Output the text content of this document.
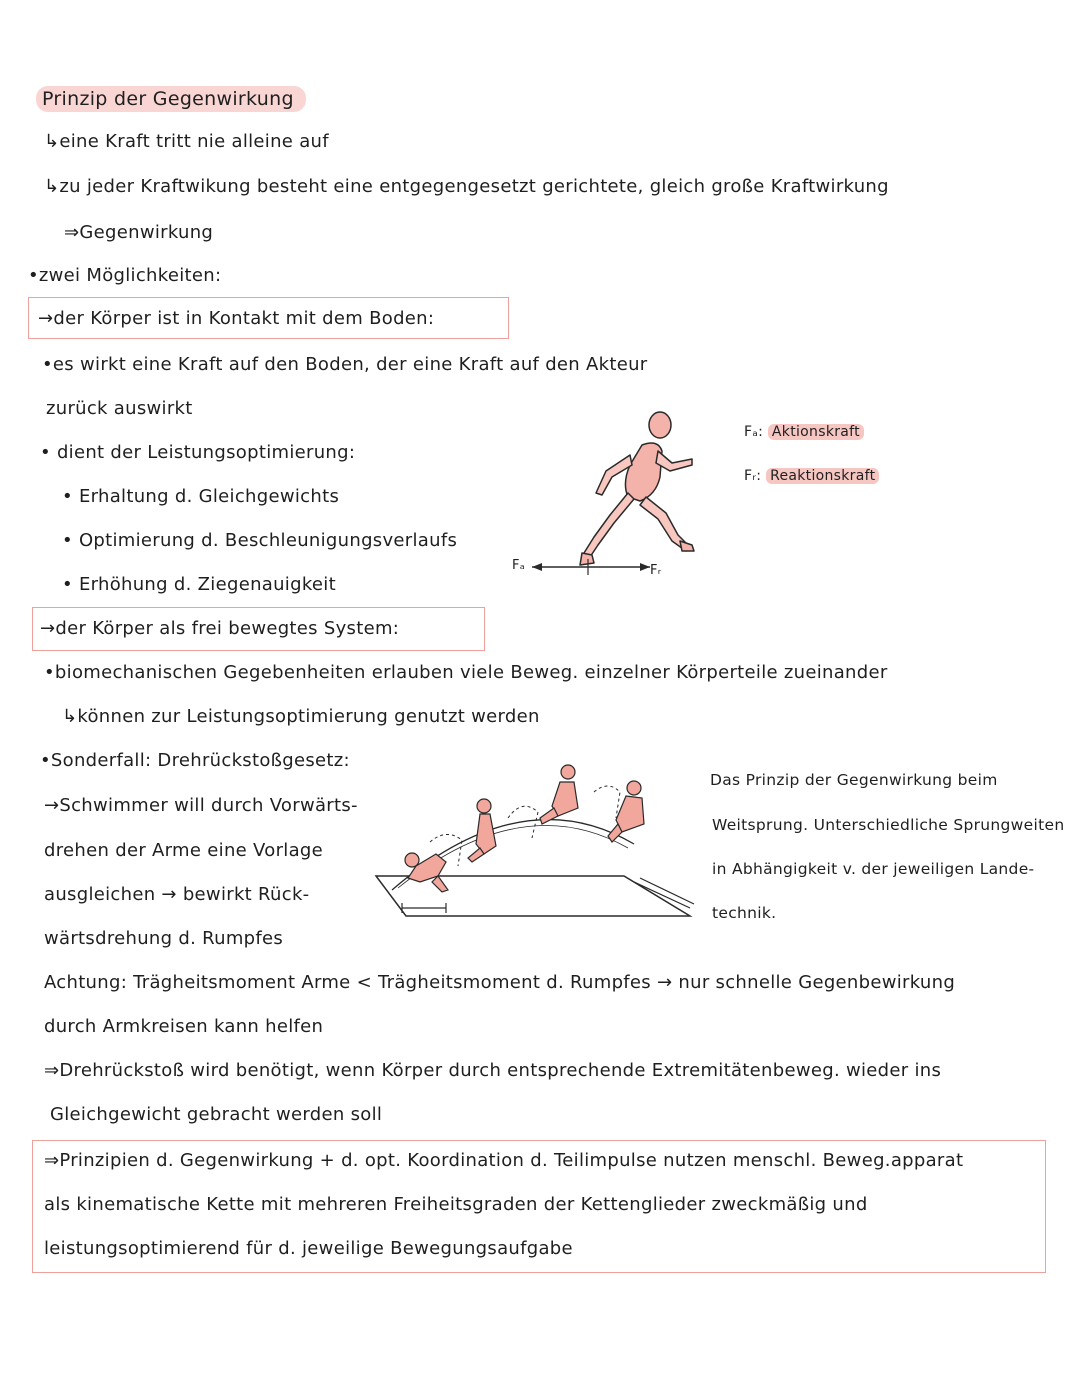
Prinzip der Gegenwirkung
↳eine Kraft tritt nie alleine auf
↳zu jeder Kraftwikung besteht eine entgegengesetzt gerichtete, gleich große Kraftwirkung
⇒Gegenwirkung
•zwei Möglichkeiten:
→der Körper ist in Kontakt mit dem Boden:
•es wirkt eine Kraft auf den Boden, der eine Kraft auf den Akteur
zurück auswirkt
• dient der Leistungsoptimierung:
• Erhaltung d. Gleichgewichts
• Optimierung d. Beschleunigungsverlaufs
• Erhöhung d. Ziegenauigkeit
→der Körper als frei bewegtes System:
Fₐ	Fᵣ
Fₐ: Aktionskraft
Fᵣ: Reaktionskraft
•biomechanischen Gegebenheiten erlauben viele Beweg. einzelner Körperteile zueinander
↳können zur Leistungsoptimierung genutzt werden
•Sonderfall: Drehrückstoßgesetz:
→Schwimmer will durch Vorwärts-
drehen der Arme eine Vorlage
ausgleichen → bewirkt Rück-
wärtsdrehung d. Rumpfes
Das Prinzip der Gegenwirkung beim
Weitsprung. Unterschiedliche Sprungweiten
in Abhängigkeit v. der jeweiligen Lande-
technik.
Achtung: Trägheitsmoment Arme < Trägheitsmoment d. Rumpfes → nur schnelle Gegenbewirkung
durch Armkreisen kann helfen
⇒Drehrückstoß wird benötigt, wenn Körper durch entsprechende Extremitätenbeweg. wieder ins
Gleichgewicht gebracht werden soll
⇒Prinzipien d. Gegenwirkung + d. opt. Koordination d. Teilimpulse nutzen menschl. Beweg.apparat
als kinematische Kette mit mehreren Freiheitsgraden der Kettenglieder zweckmäßig und
leistungsoptimierend für d. jeweilige Bewegungsaufgabe
